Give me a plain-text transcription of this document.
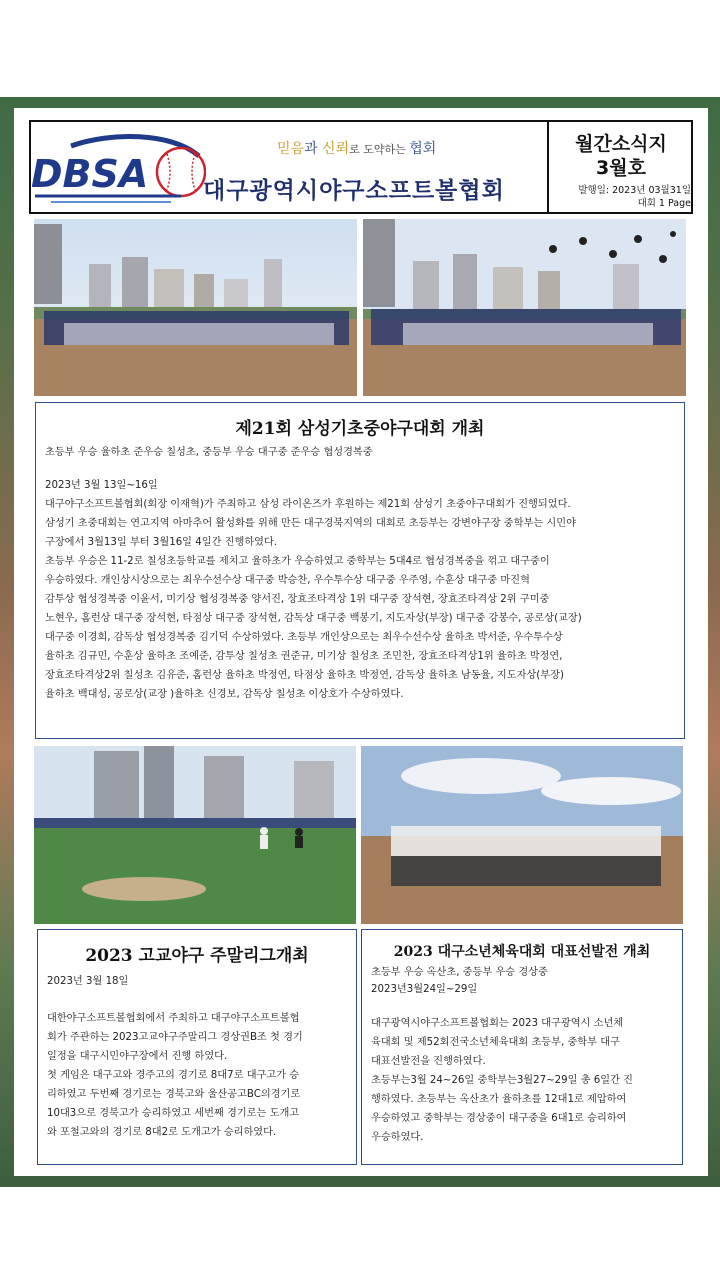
DBSA
믿음과 신뢰로 도약하는 협회
대구광역시야구소프트볼협회
월간소식지
3월호
발행일: 2023년 03월31일
대회 1 Page
제21회 삼성기초중야구대회 개최

초등부 우승 율하초 준우승 칠성초, 중등부 우승 대구중 준우승 협성경복중

2023년 3월 13일~16일

대구야구소프트볼협회(회장 이재혁)가 주최하고 삼성 라이온즈가 후원하는 제21회 삼성기 초중야구대회가 진행되었다.

삼성기 초중대회는 연고지역 아마추어 활성화를 위해 만든 대구경북지역의 대회로 초등부는 강변야구장 중학부는 시민야

구장에서 3월13일 부터 3월16일 4일간 진행하였다.

초등부 우승은 11-2로 칠성초등학교를 제치고 율하초가 우승하였고 중학부는 5대4로 협성경복중을 꺾고 대구중이

우승하였다. 개인상시상으로는 최우수선수상 대구중 박승찬, 우수투수상 대구중 우주영, 수훈상 대구중 마진혁

감투상 협성경복중 이윤서, 미기상 협성경복중 양서진, 장효조타격상 1위 대구중 장석현, 장효조타격상 2위 구미중

노현우, 홈런상 대구중 장석현, 타점상 대구중 장석현, 감독상 대구중 백봉기, 지도자상(부장) 대구중 강봉수, 공로상(교장)

대구중 이경희, 감독상 협성경복중 김기덕 수상하였다. 초등부 개인상으로는 최우수선수상 율하초 박서준, 우수투수상

율하초 김규민, 수훈상 율하초 조예준, 감투상 칠성초 권준규, 미기상 칠성초 조민찬, 장효조타격상1위 율하초 박정연,

장효조타격상2위 칠성초 김유준, 홈런상 율하초 박정연, 타점상 율하초 박정연, 감독상 율하초 남동율, 지도자상(부장)

율하초 백대성, 공로상(교장 )율하초 신경보, 감독상 칠성초 이상호가 수상하였다.

2023 고교야구 주말리그개최

2023년 3월 18일

대한야구소프트볼협회에서 주최하고 대구야구소프트볼협

회가 주관하는 2023고교야구주말리그 경상권B조 첫 경기

일정을 대구시민야구장에서 진행 하였다.

첫 게임은 대구고와 경주고의 경기로 8대7로 대구고가 승

리하였고 두번째 경기로는 경북고와 울산공고BC의경기로

10대3으로 경북고가 승리하였고 세번째 경기로는 도개고

와 포철고와의 경기로 8대2로 도개고가 승리하였다.

2023 대구소년체육대회 대표선발전 개최

초등부 우승 옥산초, 중등부 우승 경상중

2023년3월24일~29일

대구광역시야구소프트볼협회는 2023 대구광역시 소년체

육대회 및 제52회전국소년체육대회 초등부, 중학부 대구

대표선발전을 진행하였다.

초등부는3월 24~26일 중학부는3월27~29일 총 6일간 진

행하였다. 초등부는 옥산초가 율하초를 12대1로 제압하여

우승하였고 중학부는 경상중이 대구중을 6대1로 승리하여

우승하였다.
